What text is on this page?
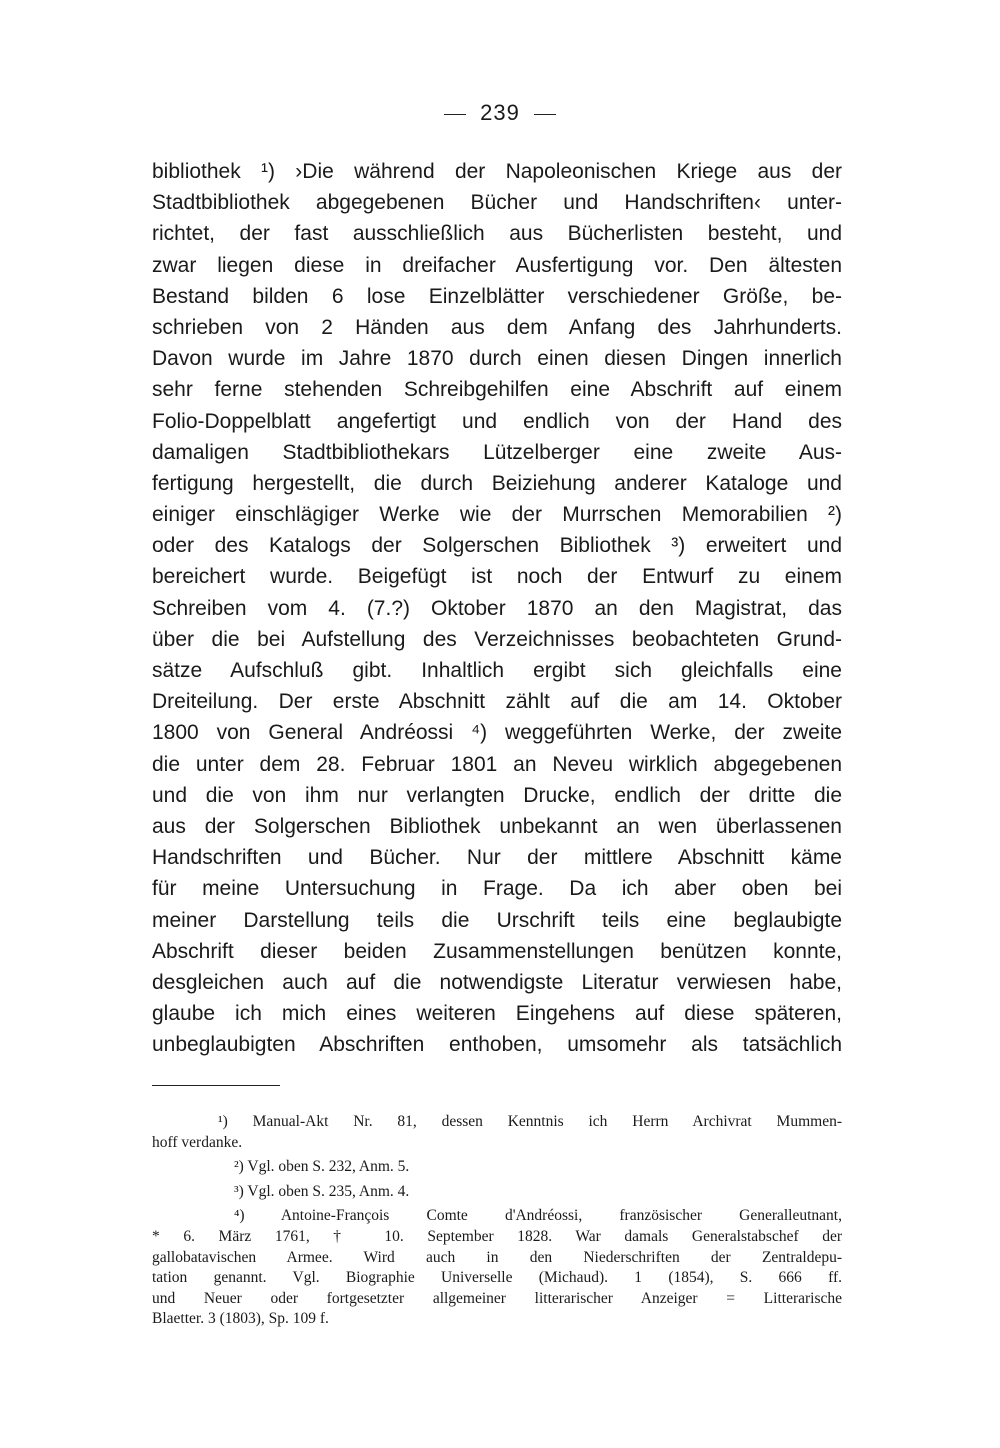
239
bibliothek ¹) ›Die während der Napoleonischen Kriege aus der
Stadtbibliothek abgegebenen Bücher und Handschriften‹ unter-
richtet, der fast ausschließlich aus Bücherlisten besteht, und
zwar liegen diese in dreifacher Ausfertigung vor. Den ältesten
Bestand bilden 6 lose Einzelblätter verschiedener Größe, be-
schrieben von 2 Händen aus dem Anfang des Jahrhunderts.
Davon wurde im Jahre 1870 durch einen diesen Dingen innerlich
sehr ferne stehenden Schreibgehilfen eine Abschrift auf einem
Folio-Doppelblatt angefertigt und endlich von der Hand des
damaligen Stadtbibliothekars Lützelberger eine zweite Aus-
fertigung hergestellt, die durch Beiziehung anderer Kataloge und
einiger einschlägiger Werke wie der Murrschen Memorabilien ²)
oder des Katalogs der Solgerschen Bibliothek ³) erweitert und
bereichert wurde. Beigefügt ist noch der Entwurf zu einem
Schreiben vom 4. (7.?) Oktober 1870 an den Magistrat, das
über die bei Aufstellung des Verzeichnisses beobachteten Grund-
sätze Aufschluß gibt. Inhaltlich ergibt sich gleichfalls eine
Dreiteilung. Der erste Abschnitt zählt auf die am 14. Oktober
1800 von General Andréossi ⁴) weggeführten Werke, der zweite
die unter dem 28. Februar 1801 an Neveu wirklich abgegebenen
und die von ihm nur verlangten Drucke, endlich der dritte die
aus der Solgerschen Bibliothek unbekannt an wen überlassenen
Handschriften und Bücher. Nur der mittlere Abschnitt käme
für meine Untersuchung in Frage. Da ich aber oben bei
meiner Darstellung teils die Urschrift teils eine beglaubigte
Abschrift dieser beiden Zusammenstellungen benützen konnte,
desgleichen auch auf die notwendigste Literatur verwiesen habe,
glaube ich mich eines weiteren Eingehens auf diese späteren,
unbeglaubigten Abschriften enthoben, umsomehr als tatsächlich
¹) Manual-Akt Nr. 81, dessen Kenntnis ich Herrn Archivrat Mummen-
hoff verdanke.
²) Vgl. oben S. 232, Anm. 5.
³) Vgl. oben S. 235, Anm. 4.
⁴) Antoine-François Comte d'Andréossi, französischer Generalleutnant,
* 6. März 1761, † 10. September 1828. War damals Generalstabschef der
gallobatavischen Armee. Wird auch in den Niederschriften der Zentraldepu-
tation genannt. Vgl. Biographie Universelle (Michaud). 1 (1854), S. 666 ff.
und Neuer oder fortgesetzter allgemeiner litterarischer Anzeiger = Litterarische
Blaetter. 3 (1803), Sp. 109 f.
